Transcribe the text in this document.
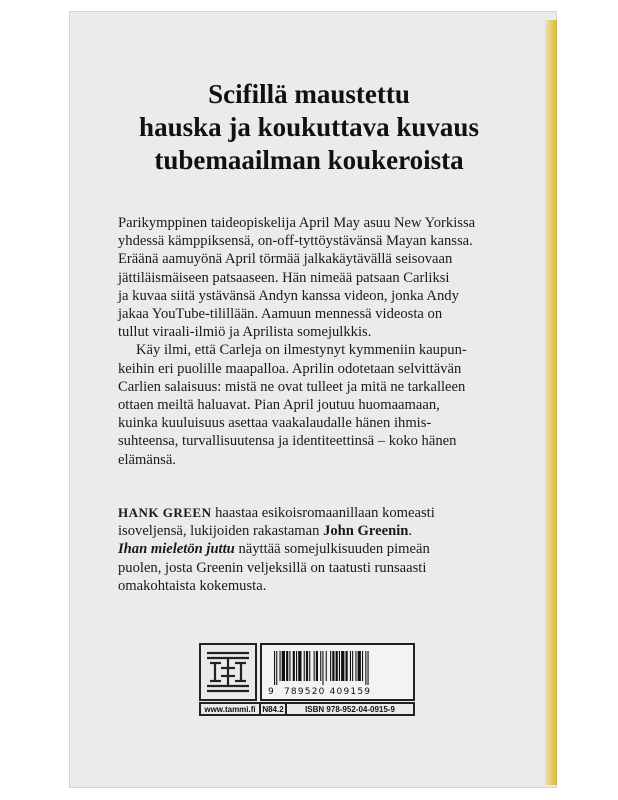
Scifillä maustettu
hauska ja koukuttava kuvaus
tubemaailman koukeroista

Parikymppinen taideopiskelija April May asuu New Yorkissa
yhdessä kämppiksensä, on-off-tyttöystävänsä Mayan kanssa.
Eräänä aamuyönä April törmää jalkakäytävällä seisovaan
jättiläismäiseen patsaaseen. Hän nimeää patsaan Carliksi
ja kuvaa siitä ystävänsä Andyn kanssa videon, jonka Andy
jakaa YouTube-tilillään. Aamuun mennessä videosta on
tullut viraali-ilmiö ja Aprilista somejulkkis.

Käy ilmi, että Carleja on ilmestynyt kymmeniin kaupun-
keihin eri puolille maapalloa. Aprilin odotetaan selvittävän
Carlien salaisuus: mistä ne ovat tulleet ja mitä ne tarkalleen
ottaen meiltä haluavat. Pian April joutuu huomaamaan,
kuinka kuuluisuus asettaa vaakalaudalle hänen ihmis-
suhteensa, turvallisuutensa ja identiteettinsä – koko hänen
elämänsä.

HANK GREEN haastaa esikoisromaanillaan komeasti
isoveljensä, lukijoiden rakastaman John Greenin.
Ihan mieletön juttu näyttää somejulkisuuden pimeän
puolen, josta Greenin veljeksillä on taatusti runsaasti
omakohtaista kokemusta.
9 789520 409159
www.tammi.fi N84.2	ISBN 978-952-04-0915-9
